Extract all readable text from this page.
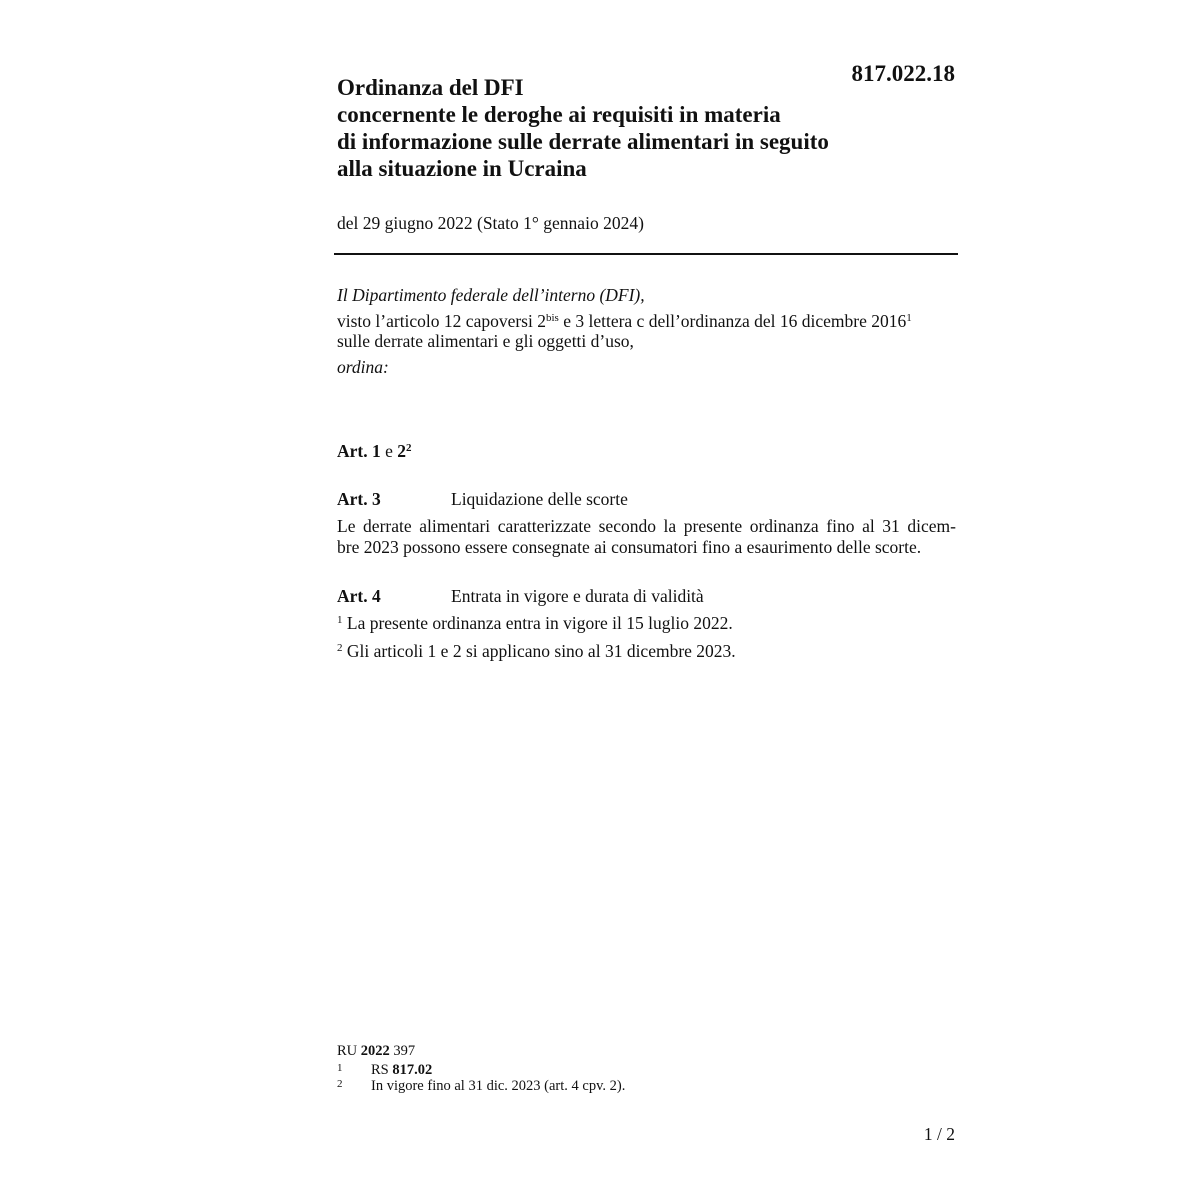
817.022.18
Ordinanza del DFI
concernente le deroghe ai requisiti in materia
di informazione sulle derrate alimentari in seguito
alla situazione in Ucraina
del 29 giugno 2022 (Stato 1° gennaio 2024)
Il Dipartimento federale dell’interno (DFI),
visto l’articolo 12 capoversi $2^{bis}$ e 3 lettera c dell’ordinanza del 16 dicembre 2016$^1$
sulle derrate alimentari e gli oggetti d’uso,
ordina:
Art. 1 e $2^2$
Art. 3	Liquidazione delle scorte
Le derrate alimentari caratterizzate secondo la presente ordinanza fino al 31 dicem-
bre 2023 possono essere consegnate ai consumatori fino a esaurimento delle scorte.
Art. 4	Entrata in vigore e durata di validità
$^1$ La presente ordinanza entra in vigore il 15 luglio 2022.
$^2$ Gli articoli 1 e 2 si applicano sino al 31 dicembre 2023.
RU 2022 397
1 RS 817.02
2 In vigore fino al 31 dic. 2023 (art. 4 cpv. 2).
1 / 2
